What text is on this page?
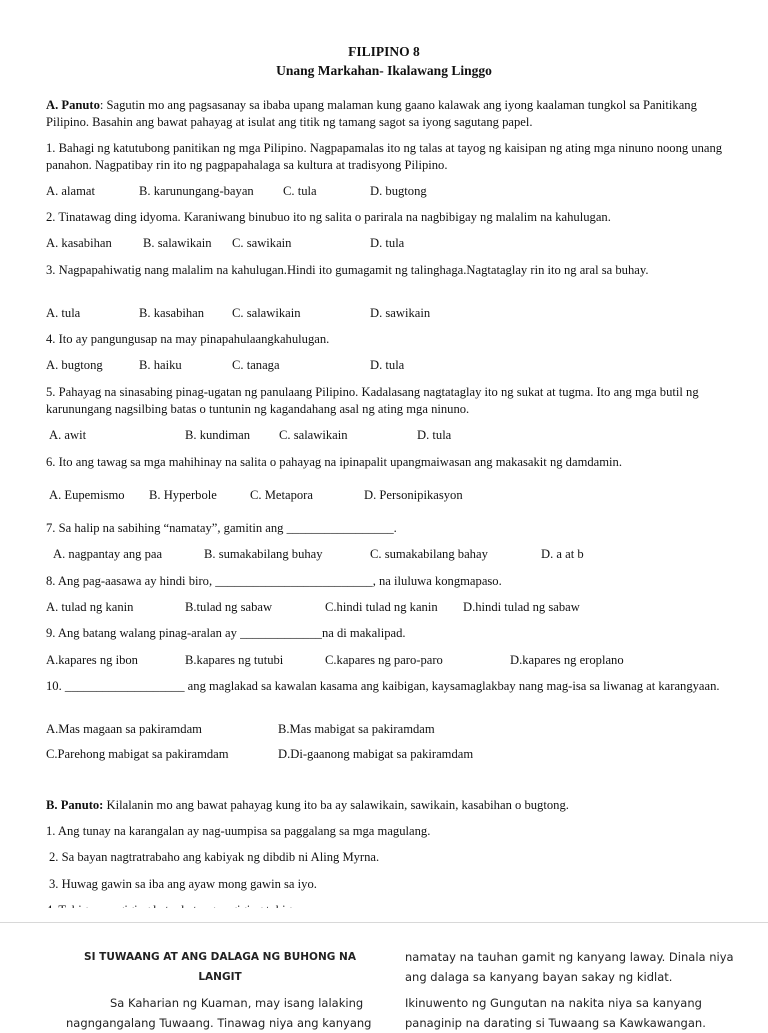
FILIPINO 8
Unang Markahan- Ikalawang Linggo
A. Panuto: Sagutin mo ang pagsasanay sa ibaba upang malaman kung gaano kalawak ang iyong kaalaman tungkol sa Panitikang Pilipino. Basahin ang bawat pahayag at isulat ang titik ng tamang sagot sa iyong sagutang papel.
1. Bahagi ng katutubong panitikan ng mga Pilipino. Nagpapamalas ito ng talas at tayog ng kaisipan ng ating mga ninuno noong unang panahon. Nagpatibay rin ito ng pagpapahalaga sa kultura at tradisyong Pilipino.
A. alamat	B. karunungang-bayan C. tula	D. bugtong
2. Tinatawag ding idyoma. Karaniwang binubuo ito ng salita o parirala na nagbibigay ng malalim na kahulugan.
A. kasabihan B. salawikain C. sawikain	D. tula
3. Nagpapahiwatig nang malalim na kahulugan.Hindi ito gumagamit ng talinghaga.Nagtataglay rin ito ng aral sa buhay.
A. tula	B. kasabihan C. salawikain	D. sawikain
4. Ito ay pangungusap na may pinapahulaangkahulugan.
A. bugtong	B. haiku	C. tanaga	D. tula
5. Pahayag na sinasabing pinag-ugatan ng panulaang Pilipino. Kadalasang nagtataglay ito ng sukat at tugma. Ito ang mga butil ng karunungang nagsilbing batas o tuntunin ng kagandahang asal ng ating mga ninuno.
A. awit	B. kundiman C. salawikain	D. tula
6. Ito ang tawag sa mga mahihinay na salita o pahayag na ipinapalit upangmaiwasan ang makasakit ng damdamin.
A. Eupemismo B. Hyperbole	C. Metapora	D. Personipikasyon
7. Sa halip na sabihing “namatay”, gamitin ang _________________.
A. nagpantay ang paa	B. sumakabilang buhay	C. sumakabilang bahay	D. a at b
8. Ang pag-aasawa ay hindi biro, _________________________, na iluluwa kongmapaso.
A. tulad ng kanin	B.tulad ng sabaw	C.hindi tulad ng kanin D.hindi tulad ng sabaw
9. Ang batang walang pinag-aralan ay _____________na di makalipad.
A.kapares ng ibon	B.kapares ng tutubi	C.kapares ng paro-paro	D.kapares ng eroplano
10. ___________________ ang maglakad sa kawalan kasama ang kaibigan, kaysamaglakbay nang mag-isa sa liwanag at karangyaan.
A.Mas magaan sa pakiramdam	B.Mas mabigat sa pakiramdam
C.Parehong mabigat sa pakiramdam	D.Di-gaanong mabigat sa pakiramdam
B. Panuto: Kilalanin mo ang bawat pahayag kung ito ba ay salawikain, sawikain, kasabihan o bugtong.
1. Ang tunay na karangalan ay nag-uumpisa sa paggalang sa mga magulang.
2. Sa bayan nagtratrabaho ang kabiyak ng dibdib ni Aling Myrna.
3. Huwag gawin sa iba ang ayaw mong gawin sa iyo.
SI TUWAANG AT ANG DALAGA NG BUHONG NA
LANGIT
Sa Kaharian ng Kuaman, may isang lalaking
nagngangalang Tuwaang. Tinawag niya ang kanyang
namatay na tauhan gamit ng kanyang laway. Dinala niya
ang dalaga sa kanyang bayan sakay ng kidlat.
Ikinuwento ng Gungutan na nakita niya sa kanyang
panaginip na darating si Tuwaang sa Kawkawangan.
